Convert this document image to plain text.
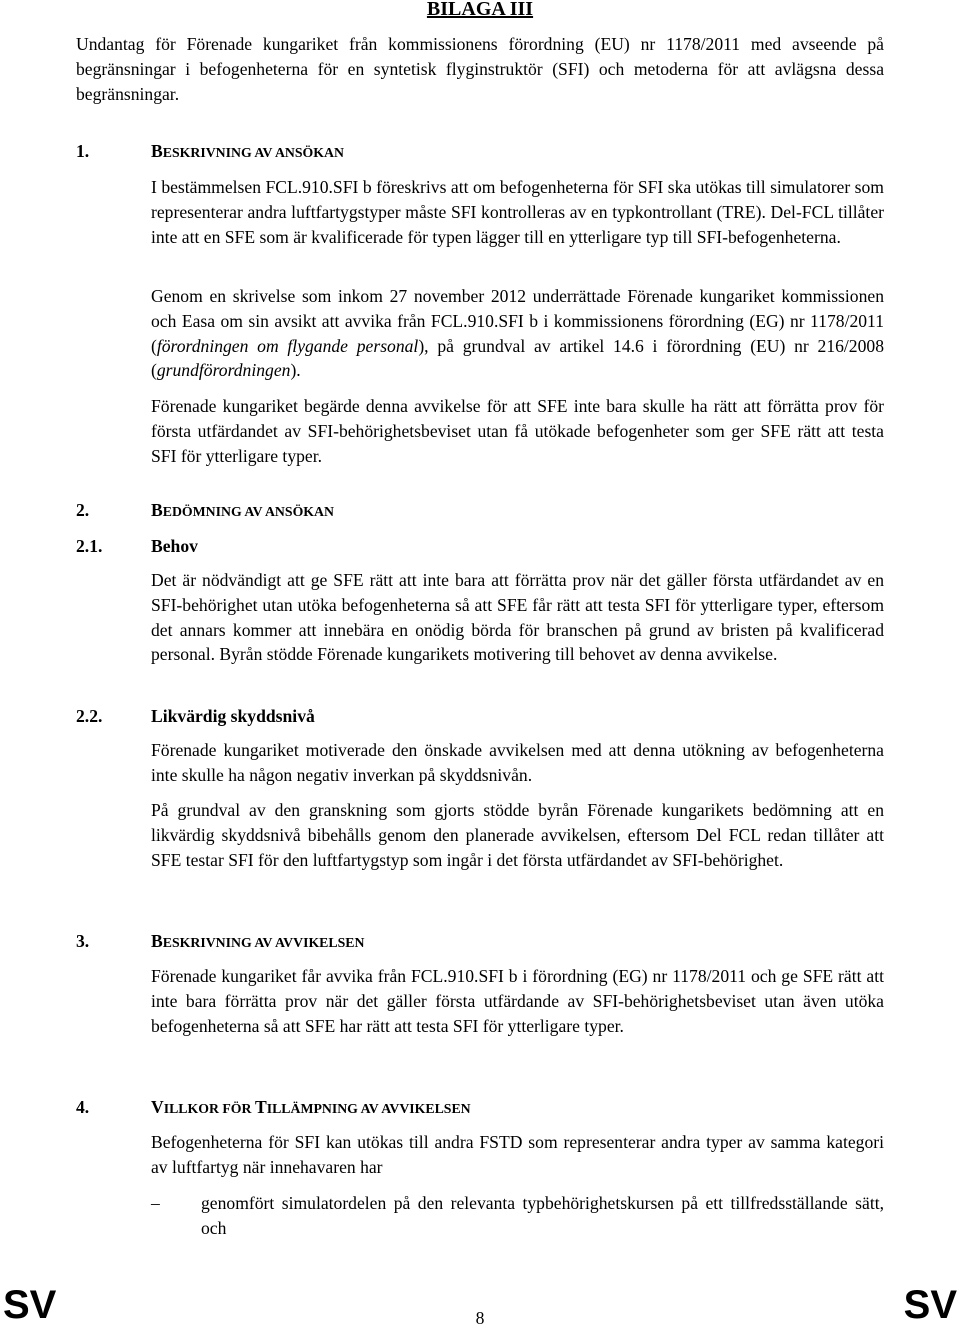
BILAGA III
Undantag för Förenade kungariket från kommissionens förordning (EU) nr 1178/2011 med avseende på begränsningar i befogenheterna för en syntetisk flyginstruktör (SFI) och metoderna för att avlägsna dessa begränsningar.
1.	BESKRIVNING AV ANSÖKAN
I bestämmelsen FCL.910.SFI b föreskrivs att om befogenheterna för SFI ska utökas till simulatorer som representerar andra luftfartygstyper måste SFI kontrolleras av en typkontrollant (TRE). Del-FCL tillåter inte att en SFE som är kvalificerade för typen lägger till en ytterligare typ till SFI-befogenheterna.
Genom en skrivelse som inkom 27 november 2012 underrättade Förenade kungariket kommissionen och Easa om sin avsikt att avvika från FCL.910.SFI b i kommissionens förordning (EG) nr 1178/2011 (förordningen om flygande personal), på grundval av artikel 14.6 i förordning (EU) nr 216/2008 (grundförordningen).
Förenade kungariket begärde denna avvikelse för att SFE inte bara skulle ha rätt att förrätta prov för första utfärdandet av SFI-behörighetsbeviset utan få utökade befogenheter som ger SFE rätt att testa SFI för ytterligare typer.
2.	BEDÖMNING AV ANSÖKAN
2.1.	Behov
Det är nödvändigt att ge SFE rätt att inte bara att förrätta prov när det gäller första utfärdandet av en SFI-behörighet utan utöka befogenheterna så att SFE får rätt att testa SFI för ytterligare typer, eftersom det annars kommer att innebära en onödig börda för branschen på grund av bristen på kvalificerad personal. Byrån stödde Förenade kungarikets motivering till behovet av denna avvikelse.
2.2.	Likvärdig skyddsnivå
Förenade kungariket motiverade den önskade avvikelsen med att denna utökning av befogenheterna inte skulle ha någon negativ inverkan på skyddsnivån.
På grundval av den granskning som gjorts stödde byrån Förenade kungarikets bedömning att en likvärdig skyddsnivå bibehålls genom den planerade avvikelsen, eftersom Del FCL redan tillåter att SFE testar SFI för den luftfartygstyp som ingår i det första utfärdandet av SFI-behörighet.
3.	BESKRIVNING AV AVVIKELSEN
Förenade kungariket får avvika från FCL.910.SFI b i förordning (EG) nr 1178/2011 och ge SFE rätt att inte bara förrätta prov när det gäller första utfärdande av SFI-behörighetsbeviset utan även utöka befogenheterna så att SFE har rätt att testa SFI för ytterligare typer.
4.	VILLKOR FÖR TILLÄMPNING AV AVVIKELSEN
Befogenheterna för SFI kan utökas till andra FSTD som representerar andra typer av samma kategori av luftfartyg när innehavaren har
– genomfört simulatordelen på den relevanta typbehörighetskursen på ett tillfredsställande sätt, och
SV	8	SV
